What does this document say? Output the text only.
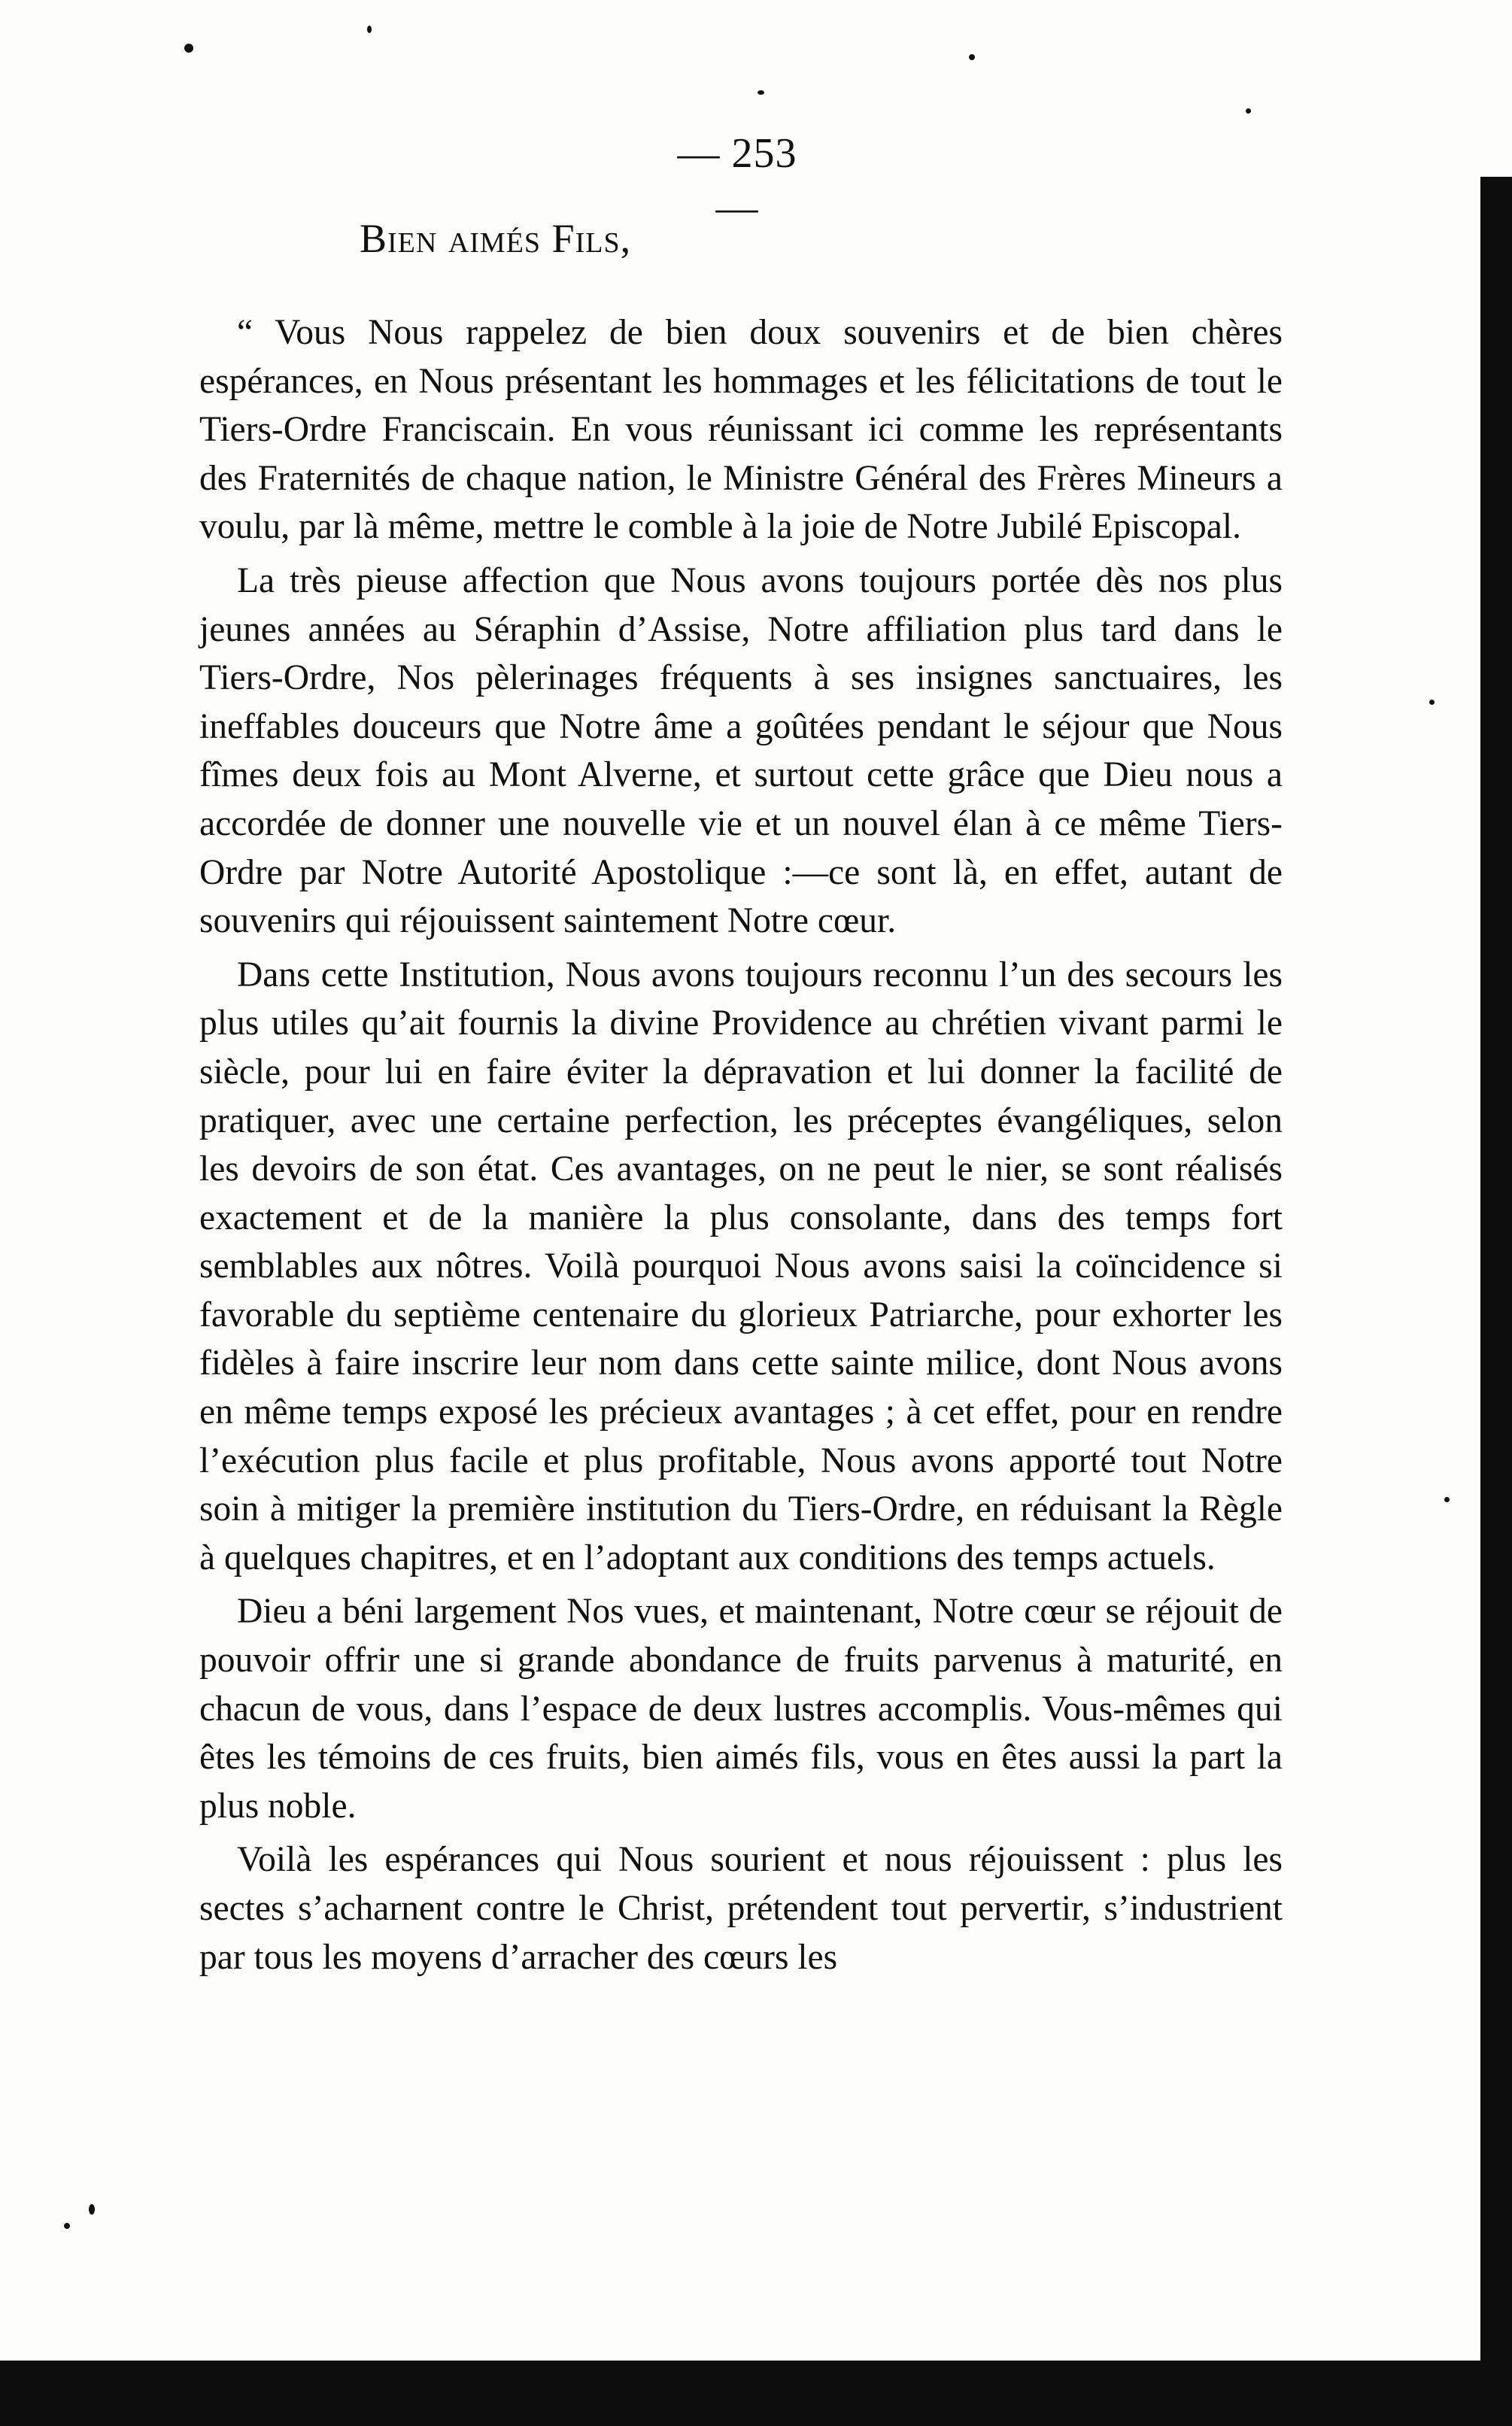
— 253 —
Bien aimés Fils,

“ Vous Nous rappelez de bien doux souvenirs et de bien chères espérances, en Nous présentant les hommages et les félicitations de tout le Tiers-Ordre Franciscain. En vous réunissant ici comme les représentants des Fraternités de chaque nation, le Ministre Général des Frères Mineurs a voulu, par là même, mettre le comble à la joie de Notre Jubilé Episcopal.

La très pieuse affection que Nous avons toujours portée dès nos plus jeunes années au Séraphin d’Assise, Notre affiliation plus tard dans le Tiers-Ordre, Nos pèlerinages fréquents à ses insignes sanctuaires, les ineffables douceurs que Notre âme a goûtées pendant le séjour que Nous fîmes deux fois au Mont Alverne, et surtout cette grâce que Dieu nous a accordée de donner une nouvelle vie et un nouvel élan à ce même Tiers-Ordre par Notre Autorité Apostolique :—ce sont là, en effet, autant de souvenirs qui réjouissent saintement Notre cœur.

Dans cette Institution, Nous avons toujours reconnu l’un des secours les plus utiles qu’ait fournis la divine Providence au chrétien vivant parmi le siècle, pour lui en faire éviter la dépravation et lui donner la facilité de pratiquer, avec une certaine perfection, les préceptes évangéliques, selon les devoirs de son état. Ces avantages, on ne peut le nier, se sont réalisés exactement et de la manière la plus consolante, dans des temps fort semblables aux nôtres. Voilà pourquoi Nous avons saisi la coïncidence si favorable du septième centenaire du glorieux Patriarche, pour exhorter les fidèles à faire inscrire leur nom dans cette sainte milice, dont Nous avons en même temps exposé les précieux avantages ; à cet effet, pour en rendre l’exécution plus facile et plus profitable, Nous avons apporté tout Notre soin à mitiger la première institution du Tiers-Ordre, en réduisant la Règle à quelques chapitres, et en l’adoptant aux conditions des temps actuels.

Dieu a béni largement Nos vues, et maintenant, Notre cœur se réjouit de pouvoir offrir une si grande abondance de fruits parvenus à maturité, en chacun de vous, dans l’espace de deux lustres accomplis. Vous-mêmes qui êtes les témoins de ces fruits, bien aimés fils, vous en êtes aussi la part la plus noble.

Voilà les espérances qui Nous sourient et nous réjouissent : plus les sectes s’acharnent contre le Christ, prétendent tout pervertir, s’industrient par tous les moyens d’arracher des cœurs les
